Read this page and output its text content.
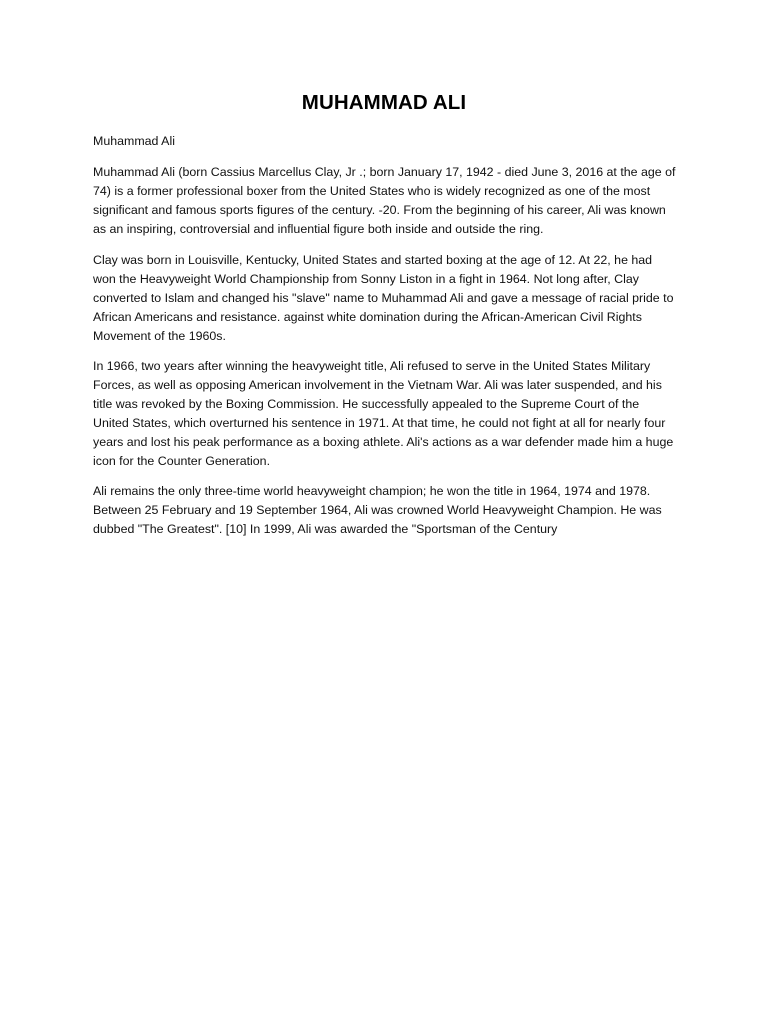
MUHAMMAD ALI

Muhammad Ali

Muhammad Ali (born Cassius Marcellus Clay, Jr .; born January 17, 1942 - died June 3, 2016 at the age of 74) is a former professional boxer from the United States who is widely recognized as one of the most significant and famous sports figures of the century. -20. From the beginning of his career, Ali was known as an inspiring, controversial and influential figure both inside and outside the ring.

Clay was born in Louisville, Kentucky, United States and started boxing at the age of 12. At 22, he had won the Heavyweight World Championship from Sonny Liston in a fight in 1964. Not long after, Clay converted to Islam and changed his "slave" name to Muhammad Ali and gave a message of racial pride to African Americans and resistance. against white domination during the African-American Civil Rights Movement of the 1960s.

In 1966, two years after winning the heavyweight title, Ali refused to serve in the United States Military Forces, as well as opposing American involvement in the Vietnam War. Ali was later suspended, and his title was revoked by the Boxing Commission. He successfully appealed to the Supreme Court of the United States, which overturned his sentence in 1971. At that time, he could not fight at all for nearly four years and lost his peak performance as a boxing athlete. Ali's actions as a war defender made him a huge icon for the Counter Generation.

Ali remains the only three-time world heavyweight champion; he won the title in 1964, 1974 and 1978. Between 25 February and 19 September 1964, Ali was crowned World Heavyweight Champion. He was dubbed "The Greatest". [10] In 1999, Ali was awarded the "Sportsman of the Century
